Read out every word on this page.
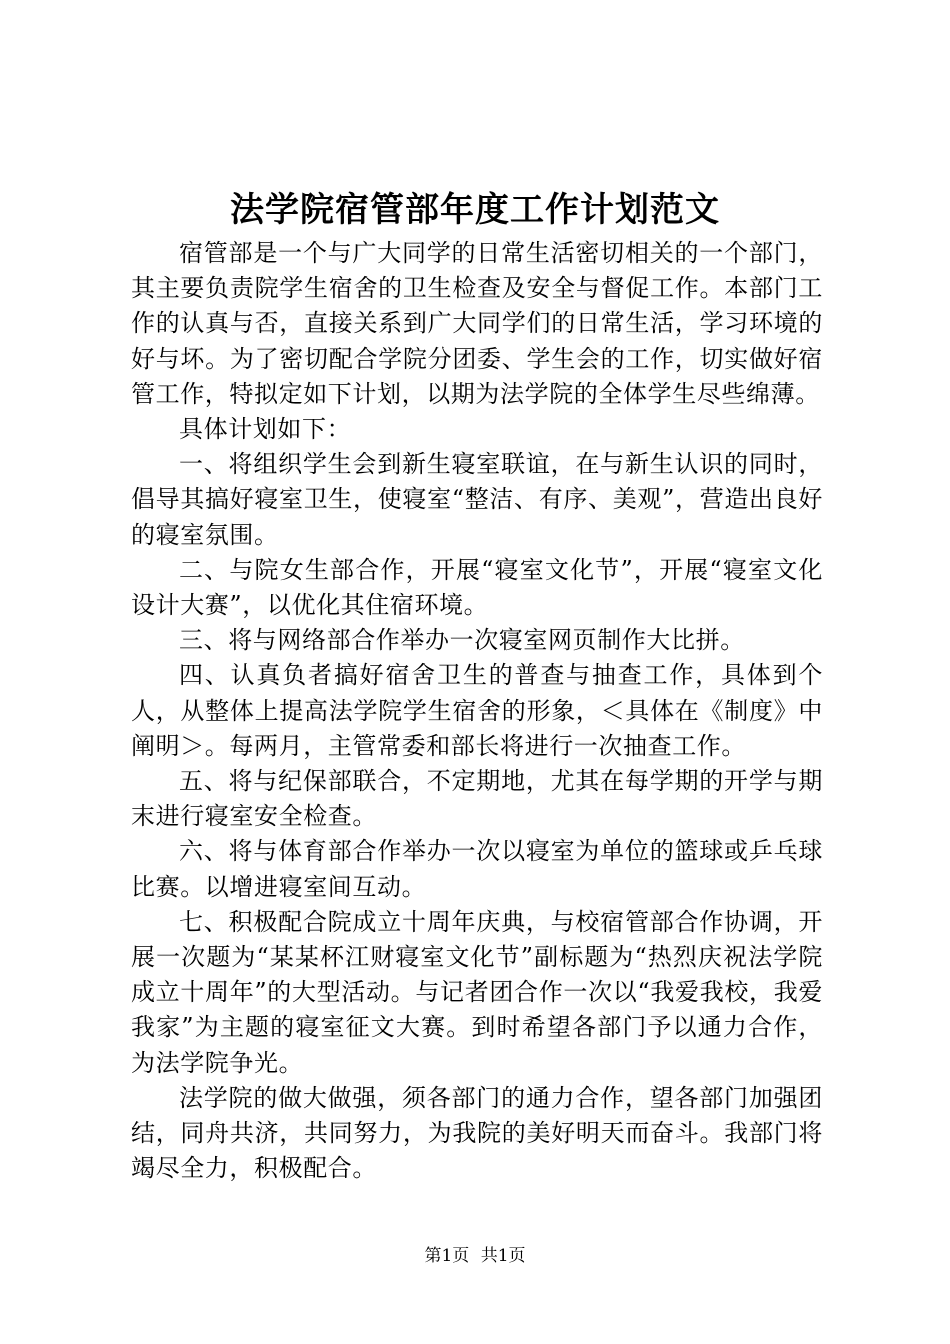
法学院宿管部年度工作计划范文

宿管部是一个与广大同学的日常生活密切相关的一个部门，其主要负责院学生宿舍的卫生检查及安全与督促工作。本部门工作的认真与否，直接关系到广大同学们的日常生活，学习环境的好与坏。为了密切配合学院分团委、学生会的工作，切实做好宿管工作，特拟定如下计划，以期为法学院的全体学生尽些绵薄。

具体计划如下：

一、将组织学生会到新生寝室联谊，在与新生认识的同时，倡导其搞好寝室卫生，使寝室“整洁、有序、美观”，营造出良好的寝室氛围。

二、与院女生部合作，开展“寝室文化节”，开展“寝室文化设计大赛”，以优化其住宿环境。

三、将与网络部合作举办一次寝室网页制作大比拼。

四、认真负者搞好宿舍卫生的普查与抽查工作，具体到个人，从整体上提高法学院学生宿舍的形象，＜具体在《制度》中阐明＞。每两月，主管常委和部长将进行一次抽查工作。

五、将与纪保部联合，不定期地，尤其在每学期的开学与期末进行寝室安全检查。

六、将与体育部合作举办一次以寝室为单位的篮球或乒乓球比赛。以增进寝室间互动。

七、积极配合院成立十周年庆典，与校宿管部合作协调，开展一次题为“某某杯江财寝室文化节”副标题为“热烈庆祝法学院成立十周年”的大型活动。与记者团合作一次以“我爱我校，我爱我家”为主题的寝室征文大赛。到时希望各部门予以通力合作，为法学院争光。

法学院的做大做强，须各部门的通力合作，望各部门加强团结，同舟共济，共同努力，为我院的美好明天而奋斗。我部门将竭尽全力，积极配合。

第1页 共1页
